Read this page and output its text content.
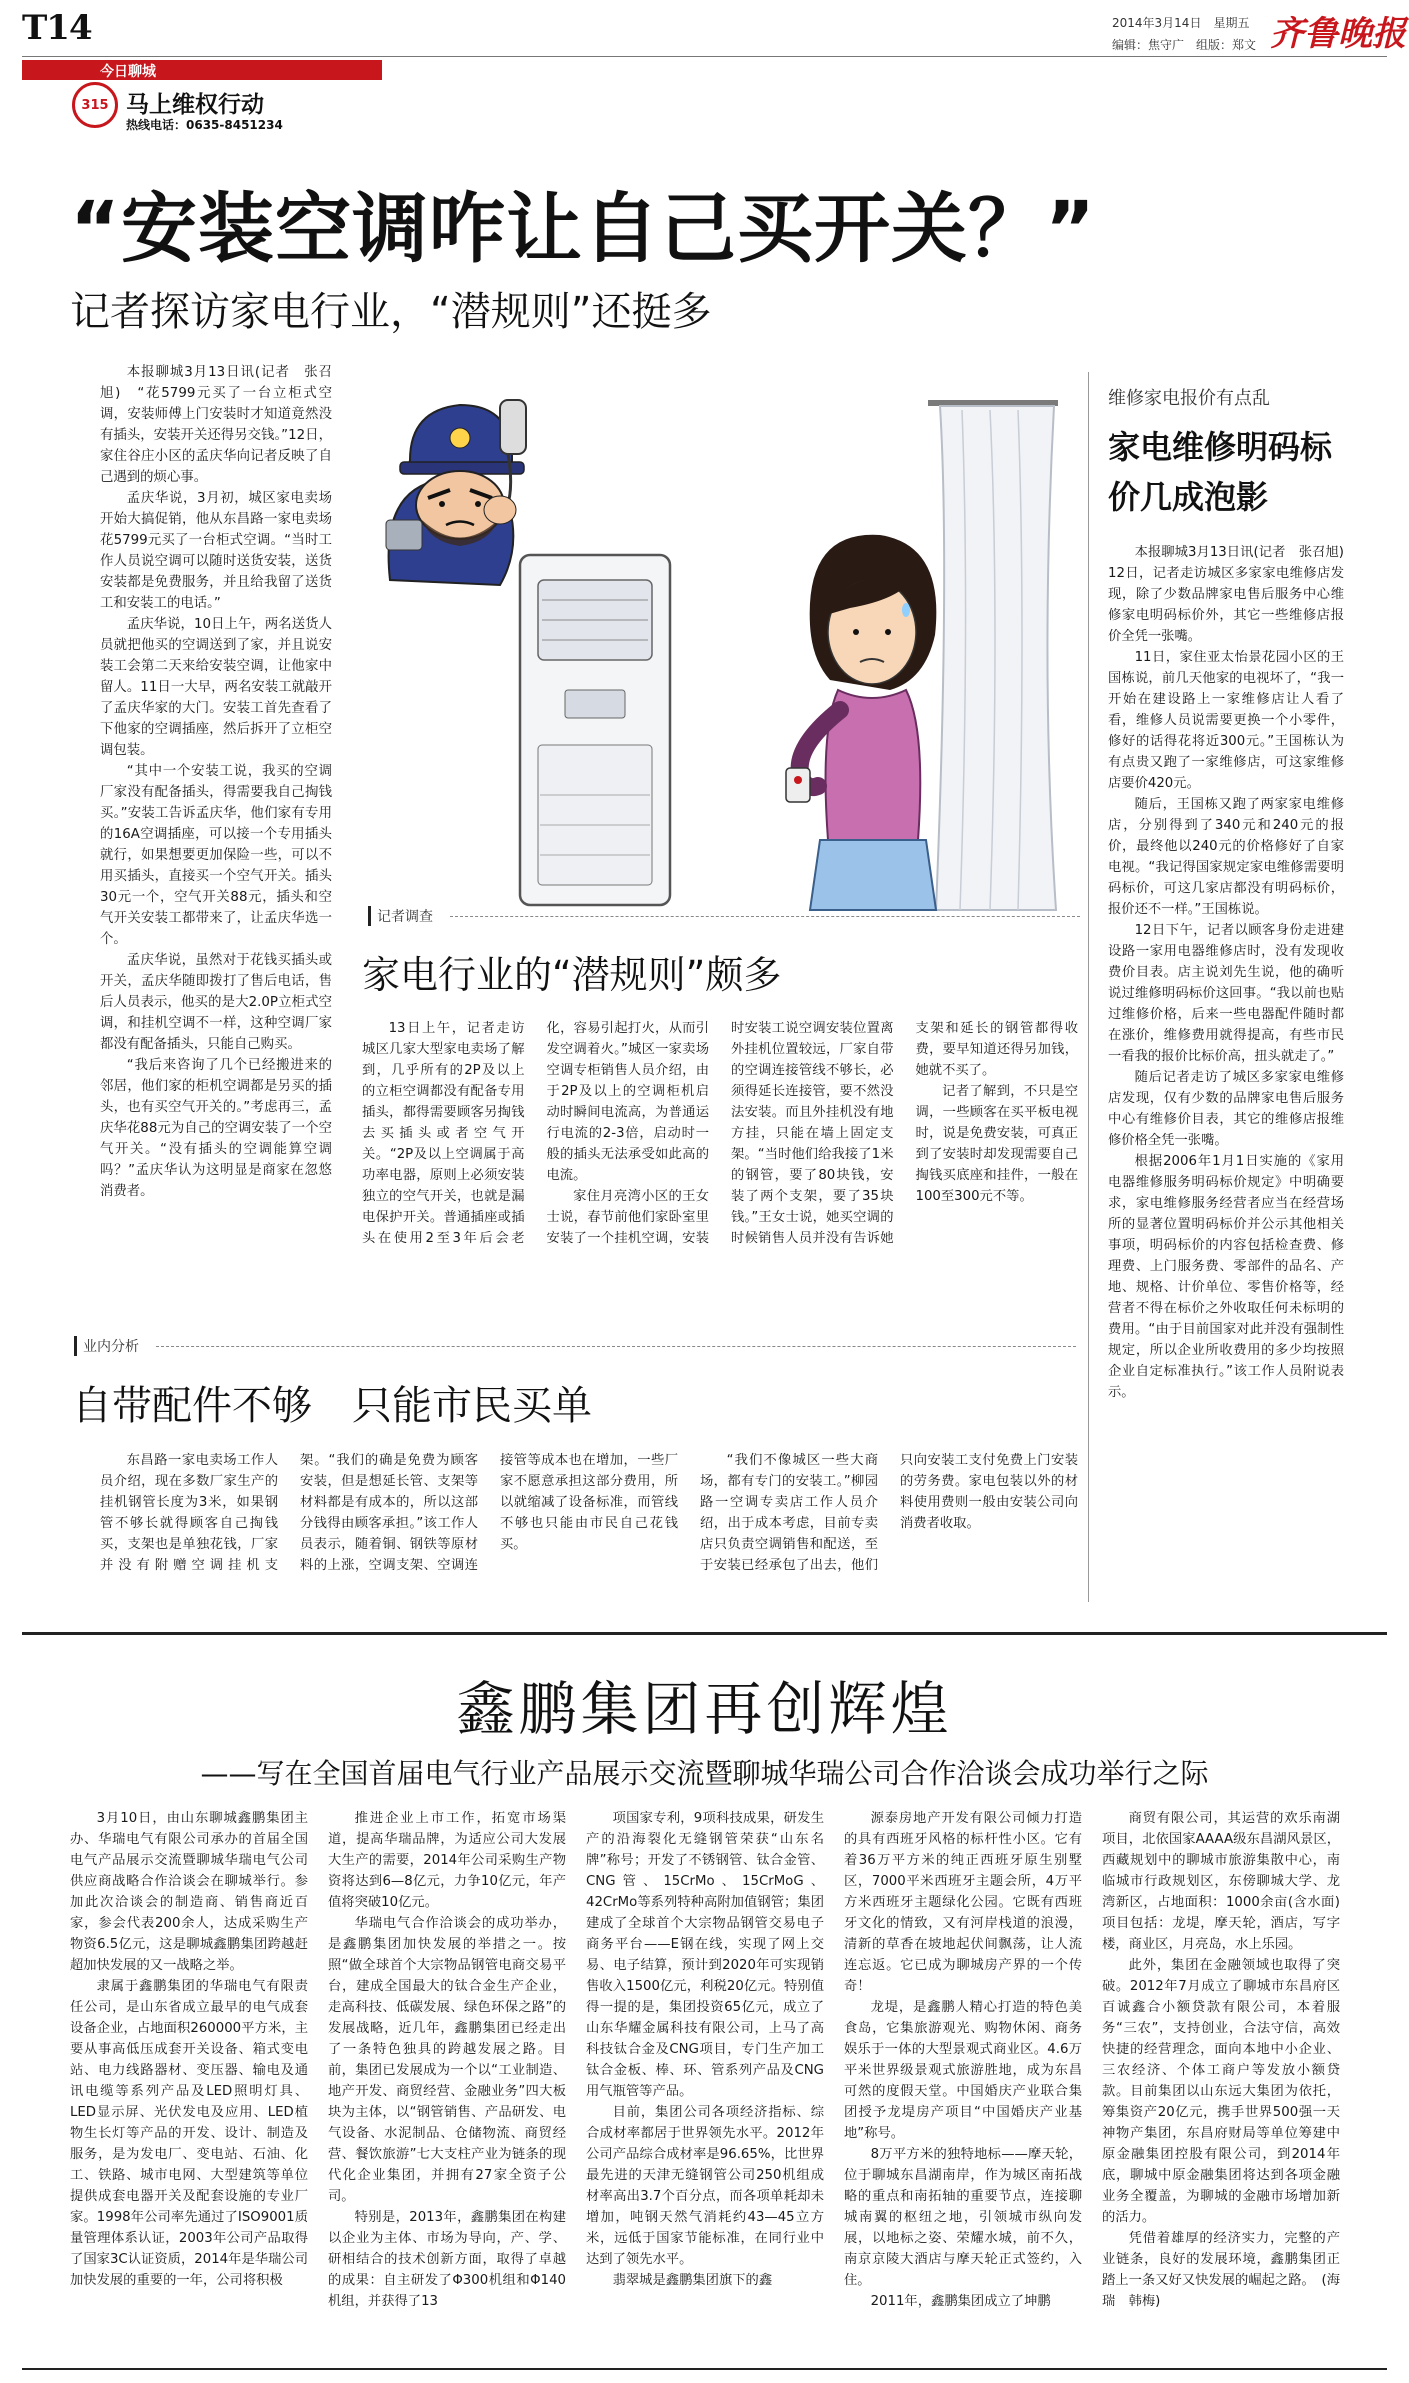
T14
今日聊城
315 马上维权行动
热线电话：0635-8451234
2014年3月14日　星期五
编辑：焦守广　组版：郑文 齐鲁晚报
“安装空调咋让自己买开关？”
记者探访家电行业，“潜规则”还挺多

本报聊城3月13日讯(记者　张召旭)　“花5799元买了一台立柜式空调，安装师傅上门安装时才知道竟然没有插头，安装开关还得另交钱。”12日，家住谷庄小区的孟庆华向记者反映了自己遇到的烦心事。

孟庆华说，3月初，城区家电卖场开始大搞促销，他从东昌路一家电卖场花5799元买了一台柜式空调。“当时工作人员说空调可以随时送货安装，送货安装都是免费服务，并且给我留了送货工和安装工的电话。”

孟庆华说，10日上午，两名送货人员就把他买的空调送到了家，并且说安装工会第二天来给安装空调，让他家中留人。11日一大早，两名安装工就敲开了孟庆华家的大门。安装工首先查看了下他家的空调插座，然后拆开了立柜空调包装。

“其中一个安装工说，我买的空调厂家没有配备插头，得需要我自己掏钱买。”安装工告诉孟庆华，他们家有专用的16A空调插座，可以接一个专用插头就行，如果想要更加保险一些，可以不用买插头，直接买一个空气开关。插头30元一个，空气开关88元，插头和空气开关安装工都带来了，让孟庆华选一个。

孟庆华说，虽然对于花钱买插头或开关，孟庆华随即拨打了售后电话，售后人员表示，他买的是大2.0P立柜式空调，和挂机空调不一样，这种空调厂家都没有配备插头，只能自己购买。

“我后来咨询了几个已经搬进来的邻居，他们家的柜机空调都是另买的插头，也有买空气开关的。”考虑再三，孟庆华花88元为自己的空调安装了一个空气开关。“没有插头的空调能算空调吗？”孟庆华认为这明显是商家在忽悠消费者。

维修家电报价有点乱
家电维修明码标价几成泡影

本报聊城3月13日讯(记者　张召旭)　12日，记者走访城区多家家电维修店发现，除了少数品牌家电售后服务中心维修家电明码标价外，其它一些维修店报价全凭一张嘴。

11日，家住亚太怡景花园小区的王国栋说，前几天他家的电视坏了，“我一开始在建设路上一家维修店让人看了看，维修人员说需要更换一个小零件，修好的话得花将近300元。”王国栋认为有点贵又跑了一家维修店，可这家维修店要价420元。

随后，王国栋又跑了两家家电维修店，分别得到了340元和240元的报价，最终他以240元的价格修好了自家电视。“我记得国家规定家电维修需要明码标价，可这几家店都没有明码标价，报价还不一样。”王国栋说。

12日下午，记者以顾客身份走进建设路一家用电器维修店时，没有发现收费价目表。店主说刘先生说，他的确听说过维修明码标价这回事。“我以前也贴过维修价格，后来一些电器配件随时都在涨价，维修费用就得提高，有些市民一看我的报价比标价高，扭头就走了。”

随后记者走访了城区多家家电维修店发现，仅有少数的品牌家电售后服务中心有维修价目表，其它的维修店报维修价格全凭一张嘴。

根据2006年1月1日实施的《家用电器维修服务明码标价规定》中明确要求，家电维修服务经营者应当在经营场所的显著位置明码标价并公示其他相关事项，明码标价的内容包括检查费、修理费、上门服务费、零部件的品名、产地、规格、计价单位、零售价格等，经营者不得在标价之外收取任何未标明的费用。“由于目前国家对此并没有强制性规定，所以企业所收费用的多少均按照企业自定标准执行。”该工作人员附说表示。

记者调查
家电行业的“潜规则”颇多

13日上午，记者走访城区几家大型家电卖场了解到，几乎所有的2P及以上的立柜空调都没有配备专用插头，都得需要顾客另掏钱去买插头或者空气开关。“2P及以上空调属于高功率电器，原则上必须安装独立的空气开关，也就是漏电保护开关。普通插座或插头在使用2至3年后会老化，容易引起打火，从而引发空调着火。”城区一家卖场空调专柜销售人员介绍，由于2P及以上的空调柜机启动时瞬间电流高，为普通运行电流的2-3倍，启动时一般的插头无法承受如此高的电流。

家住月亮湾小区的王女士说，春节前他们家卧室里安装了一个挂机空调，安装时安装工说空调安装位置离外挂机位置较远，厂家自带的空调连接管线不够长，必须得延长连接管，要不然没法安装。而且外挂机没有地方挂，只能在墙上固定支架。“当时他们给我接了1米的钢管，要了80块钱，安装了两个支架，要了35块钱。”王女士说，她买空调的时候销售人员并没有告诉她支架和延长的钢管都得收费，要早知道还得另加钱，她就不买了。

记者了解到，不只是空调，一些顾客在买平板电视时，说是免费安装，可真正到了安装时却发现需要自己掏钱买底座和挂件，一般在100至300元不等。

业内分析
自带配件不够　只能市民买单

东昌路一家电卖场工作人员介绍，现在多数厂家生产的挂机钢管长度为3米，如果钢管不够长就得顾客自己掏钱买，支架也是单独花钱，厂家并没有附赠空调挂机支架。“我们的确是免费为顾客安装，但是想延长管、支架等材料都是有成本的，所以这部分钱得由顾客承担。”该工作人员表示，随着铜、钢铁等原材料的上涨，空调支架、空调连接管等成本也在增加，一些厂家不愿意承担这部分费用，所以就缩减了设备标准，而管线不够也只能由市民自己花钱买。

“我们不像城区一些大商场，都有专门的安装工。”柳园路一空调专卖店工作人员介绍，出于成本考虑，目前专卖店只负责空调销售和配送，至于安装已经承包了出去，他们只向安装工支付免费上门安装的劳务费。家电包装以外的材料使用费则一般由安装公司向消费者收取。

鑫鹏集团再创辉煌
——写在全国首届电气行业产品展示交流暨聊城华瑞公司合作洽谈会成功举行之际

3月10日，由山东聊城鑫鹏集团主办、华瑞电气有限公司承办的首届全国电气产品展示交流暨聊城华瑞电气公司供应商战略合作洽谈会在聊城举行。参加此次洽谈会的制造商、销售商近百家，参会代表200余人，达成采购生产物资6.5亿元，这是聊城鑫鹏集团跨越赶超加快发展的又一战略之举。

隶属于鑫鹏集团的华瑞电气有限责任公司，是山东省成立最早的电气成套设备企业，占地面积260000平方米，主要从事高低压成套开关设备、箱式变电站、电力线路器材、变压器、输电及通讯电缆等系列产品及LED照明灯具、LED显示屏、光伏发电及应用、LED植物生长灯等产品的开发、设计、制造及服务，是为发电厂、变电站、石油、化工、铁路、城市电网、大型建筑等单位提供成套电器开关及配套设施的专业厂家。1998年公司率先通过了ISO9001质量管理体系认证，2003年公司产品取得了国家3C认证资质，2014年是华瑞公司加快发展的重要的一年，公司将积极

推进企业上市工作，拓宽市场渠道，提高华瑞品牌，为适应公司大发展大生产的需要，2014年公司采购生产物资将达到6—8亿元，力争10亿元，年产值将突破10亿元。

华瑞电气合作洽谈会的成功举办，是鑫鹏集团加快发展的举措之一。按照“做全球首个大宗物品钢管电商交易平台，建成全国最大的钛合金生产企业，走高科技、低碳发展、绿色环保之路”的发展战略，近几年，鑫鹏集团已经走出了一条特色独具的跨越发展之路。目前，集团已发展成为一个以“工业制造、地产开发、商贸经营、金融业务”四大板块为主体，以“钢管销售、产品研发、电气设备、水泥制品、仓储物流、商贸经营、餐饮旅游”七大支柱产业为链条的现代化企业集团，并拥有27家全资子公司。

特别是，2013年，鑫鹏集团在构建以企业为主体、市场为导向，产、学、研相结合的技术创新方面，取得了卓越的成果：自主研发了Φ300机组和Φ140机组，并获得了13

项国家专利，9项科技成果，研发生产的沿海裂化无缝钢管荣获“山东名牌”称号；开发了不锈钢管、钛合金管、CNG管、15CrMo、15CrMoG、42CrMo等系列特种高附加值钢管；集团建成了全球首个大宗物品钢管交易电子商务平台——E钢在线，实现了网上交易、电子结算，预计到2020年可实现销售收入1500亿元，利税20亿元。特别值得一提的是，集团投资65亿元，成立了山东华耀金属科技有限公司，上马了高科技钛合金及CNG项目，专门生产加工钛合金板、棒、环、管系列产品及CNG用气瓶管等产品。

目前，集团公司各项经济指标、综合成材率都居于世界领先水平。2012年公司产品综合成材率是96.65%，比世界最先进的天津无缝钢管公司250机组成材率高出3.7个百分点，而各项单耗却未增加，吨钢天然气消耗约43—45立方米，远低于国家节能标准，在同行业中达到了领先水平。

翡翠城是鑫鹏集团旗下的鑫

源泰房地产开发有限公司倾力打造的具有西班牙风格的标杆性小区。它有着36万平方米的纯正西班牙原生别墅区，7000平米西班牙主题会所，4万平方米西班牙主题绿化公园。它既有西班牙文化的情致，又有河岸栈道的浪漫，清新的草香在坡地起伏间飘荡，让人流连忘返。它已成为聊城房产界的一个传奇！

龙堤，是鑫鹏人精心打造的特色美食岛，它集旅游观光、购物休闲、商务娱乐于一体的大型景观式商业区。4.6万平米世界级景观式旅游胜地，成为东昌可然的度假天堂。中国婚庆产业联合集团授予龙堤房产项目“中国婚庆产业基地”称号。

8万平方米的独特地标——摩天轮，位于聊城东昌湖南岸，作为城区南拓战略的重点和南拓轴的重要节点，连接聊城南翼的枢纽之地，引领城市纵向发展，以地标之姿、荣耀水城，前不久，南京京陵大酒店与摩天轮正式签约，入住。

2011年，鑫鹏集团成立了坤鹏

商贸有限公司，其运营的欢乐南湖项目，北依国家AAAA级东昌湖风景区，西藏规划中的聊城市旅游集散中心，南临城市行政规划区，东傍聊城大学、龙湾新区，占地面积：1000余亩(含水面)项目包括：龙堤，摩天轮，酒店，写字楼，商业区，月亮岛，水上乐园。

此外，集团在金融领域也取得了突破。2012年7月成立了聊城市东昌府区百诚鑫合小额贷款有限公司，本着服务“三农”，支持创业，合法守信，高效快捷的经营理念，面向本地中小企业、三农经济、个体工商户等发放小额贷款。目前集团以山东远大集团为依托，筹集资产20亿元，携手世界500强一天神物产集团，东昌府财局等单位筹建中原金融集团控股有限公司，到2014年底，聊城中原金融集团将达到各项金融业务全覆盖，为聊城的金融市场增加新的活力。

凭借着雄厚的经济实力，完整的产业链条，良好的发展环境，鑫鹏集团正踏上一条又好又快发展的崛起之路。　(海瑞　韩梅)
